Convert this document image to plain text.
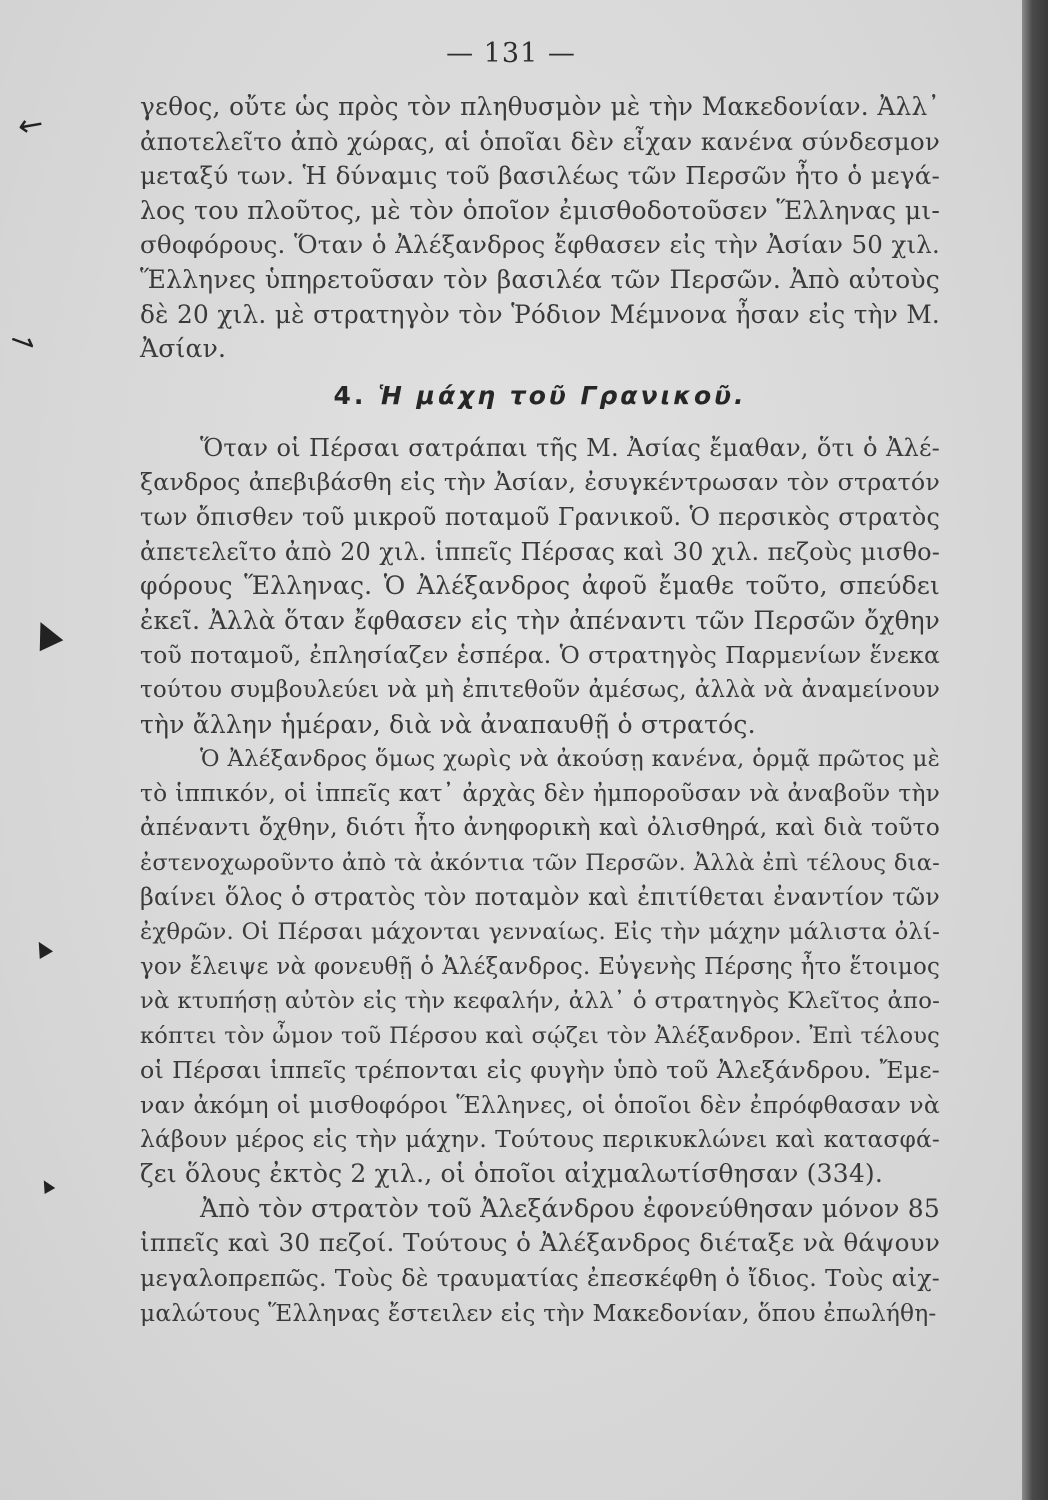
— 131 —
←
⇀
▲
▲
▲
γεθος, οὔτε ὡς πρὸς τὸν πληθυσμὸν μὲ τὴν Μακεδονίαν. Ἀλλ᾽
ἀποτελεῖτο ἀπὸ χώρας, αἱ ὁποῖαι δὲν εἶχαν κανένα σύνδεσμον
μεταξύ των. Ἡ δύναμις τοῦ βασιλέως τῶν Περσῶν ἦτο ὁ μεγά-
λος του πλοῦτος, μὲ τὸν ὁποῖον ἐμισθοδοτοῦσεν Ἕλληνας μι-
σθοφόρους. Ὅταν ὁ Ἀλέξανδρος ἔφθασεν εἰς τὴν Ἀσίαν 50 χιλ.
Ἕλληνες ὑπηρετοῦσαν τὸν βασιλέα τῶν Περσῶν. Ἀπὸ αὐτοὺς
δὲ 20 χιλ. μὲ στρατηγὸν τὸν Ῥόδιον Μέμνονα ἦσαν εἰς τὴν Μ.
Ἀσίαν.
4. Ἡ μάχη τοῦ Γρανικοῦ.
Ὅταν οἱ Πέρσαι σατράπαι τῆς Μ. Ἀσίας ἔμαθαν, ὅτι ὁ Ἀλέ-
ξανδρος ἀπεβιβάσθη εἰς τὴν Ἀσίαν, ἐσυγκέντρωσαν τὸν στρατόν
των ὄπισθεν τοῦ μικροῦ ποταμοῦ Γρανικοῦ. Ὁ περσικὸς στρατὸς
ἀπετελεῖτο ἀπὸ 20 χιλ. ἱππεῖς Πέρσας καὶ 30 χιλ. πεζοὺς μισθο-
φόρους Ἕλληνας. Ὁ Ἀλέξανδρος ἀφοῦ ἔμαθε τοῦτο, σπεύδει
ἐκεῖ. Ἀλλὰ ὅταν ἔφθασεν εἰς τὴν ἀπέναντι τῶν Περσῶν ὄχθην
τοῦ ποταμοῦ, ἐπλησίαζεν ἑσπέρα. Ὁ στρατηγὸς Παρμενίων ἕνεκα
τούτου συμβουλεύει νὰ μὴ ἐπιτεθοῦν ἀμέσως, ἀλλὰ νὰ ἀναμείνουν
τὴν ἄλλην ἡμέραν, διὰ νὰ ἀναπαυθῇ ὁ στρατός.
Ὁ Ἀλέξανδρος ὅμως χωρὶς νὰ ἀκούσῃ κανένα, ὁρμᾷ πρῶτος μὲ
τὸ ἱππικόν, οἱ ἱππεῖς κατ᾽ ἀρχὰς δὲν ἠμποροῦσαν νὰ ἀναβοῦν τὴν
ἀπέναντι ὄχθην, διότι ἦτο ἀνηφορικὴ καὶ ὀλισθηρά, καὶ διὰ τοῦτο
ἐστενοχωροῦντο ἀπὸ τὰ ἀκόντια τῶν Περσῶν. Ἀλλὰ ἐπὶ τέλους δια-
βαίνει ὅλος ὁ στρατὸς τὸν ποταμὸν καὶ ἐπιτίθεται ἐναντίον τῶν
ἐχθρῶν. Οἱ Πέρσαι μάχονται γενναίως. Εἰς τὴν μάχην μάλιστα ὀλί-
γον ἔλειψε νὰ φονευθῇ ὁ Ἀλέξανδρος. Εὐγενὴς Πέρσης ἦτο ἕτοιμος
νὰ κτυπήσῃ αὐτὸν εἰς τὴν κεφαλήν, ἀλλ᾽ ὁ στρατηγὸς Κλεῖτος ἀπο-
κόπτει τὸν ὦμον τοῦ Πέρσου καὶ σῴζει τὸν Ἀλέξανδρον. Ἐπὶ τέλους
οἱ Πέρσαι ἱππεῖς τρέπονται εἰς φυγὴν ὑπὸ τοῦ Ἀλεξάνδρου. Ἔμε-
ναν ἀκόμη οἱ μισθοφόροι Ἕλληνες, οἱ ὁποῖοι δὲν ἐπρόφθασαν νὰ
λάβουν μέρος εἰς τὴν μάχην. Τούτους περικυκλώνει καὶ κατασφά-
ζει ὅλους ἐκτὸς 2 χιλ., οἱ ὁποῖοι αἰχμαλωτίσθησαν (334).
Ἀπὸ τὸν στρατὸν τοῦ Ἀλεξάνδρου ἐφονεύθησαν μόνον 85
ἱππεῖς καὶ 30 πεζοί. Τούτους ὁ Ἀλέξανδρος διέταξε νὰ θάψουν
μεγαλοπρεπῶς. Τοὺς δὲ τραυματίας ἐπεσκέφθη ὁ ἴδιος. Τοὺς αἰχ-
μαλώτους Ἕλληνας ἔστειλεν εἰς τὴν Μακεδονίαν, ὅπου ἐπωλήθη-
